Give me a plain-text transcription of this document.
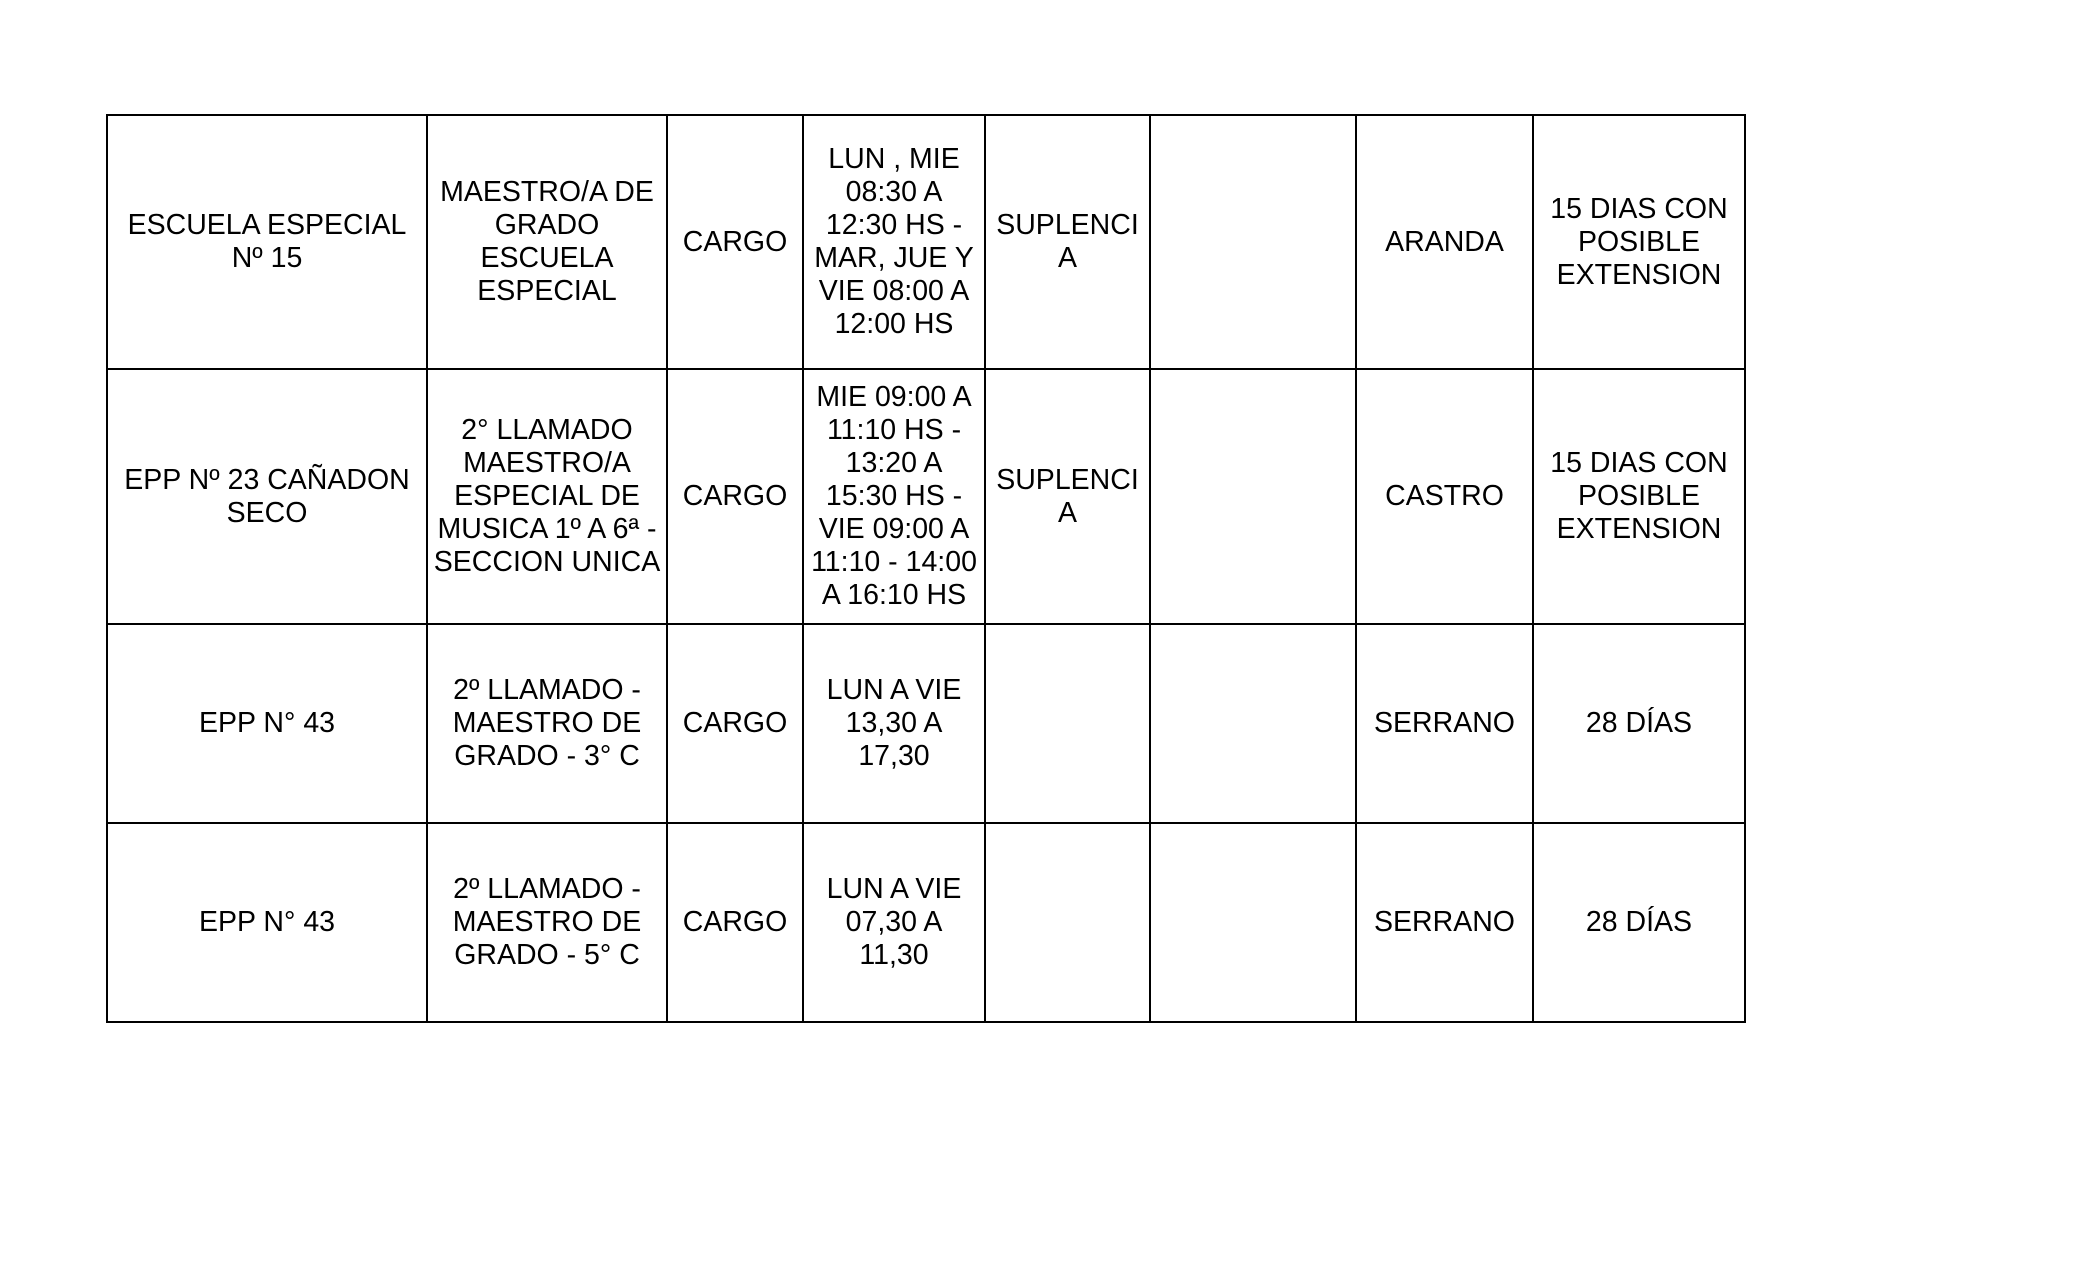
ESCUELA ESPECIAL Nº 15	MAESTRO/A DE GRADO ESCUELA ESPECIAL	CARGO	LUN , MIE 08:30 A 12:30 HS - MAR, JUE Y VIE 08:00 A 12:00 HS	SUPLENCI A		ARANDA	15 DIAS CON POSIBLE EXTENSION
EPP Nº 23 CAÑADON SECO	2° LLAMADO MAESTRO/A ESPECIAL DE MUSICA 1º A 6ª - SECCION UNICA	CARGO	MIE 09:00 A 11:10 HS - 13:20 A 15:30 HS - VIE 09:00 A 11:10 - 14:00 A 16:10 HS	SUPLENCI A		CASTRO	15 DIAS CON POSIBLE EXTENSION
EPP N° 43	2º LLAMADO - MAESTRO DE GRADO - 3° C	CARGO	LUN A VIE 13,30 A 17,30			SERRANO	28 DÍAS
EPP N° 43	2º LLAMADO - MAESTRO DE GRADO - 5° C	CARGO	LUN A VIE 07,30 A 11,30			SERRANO	28 DÍAS
